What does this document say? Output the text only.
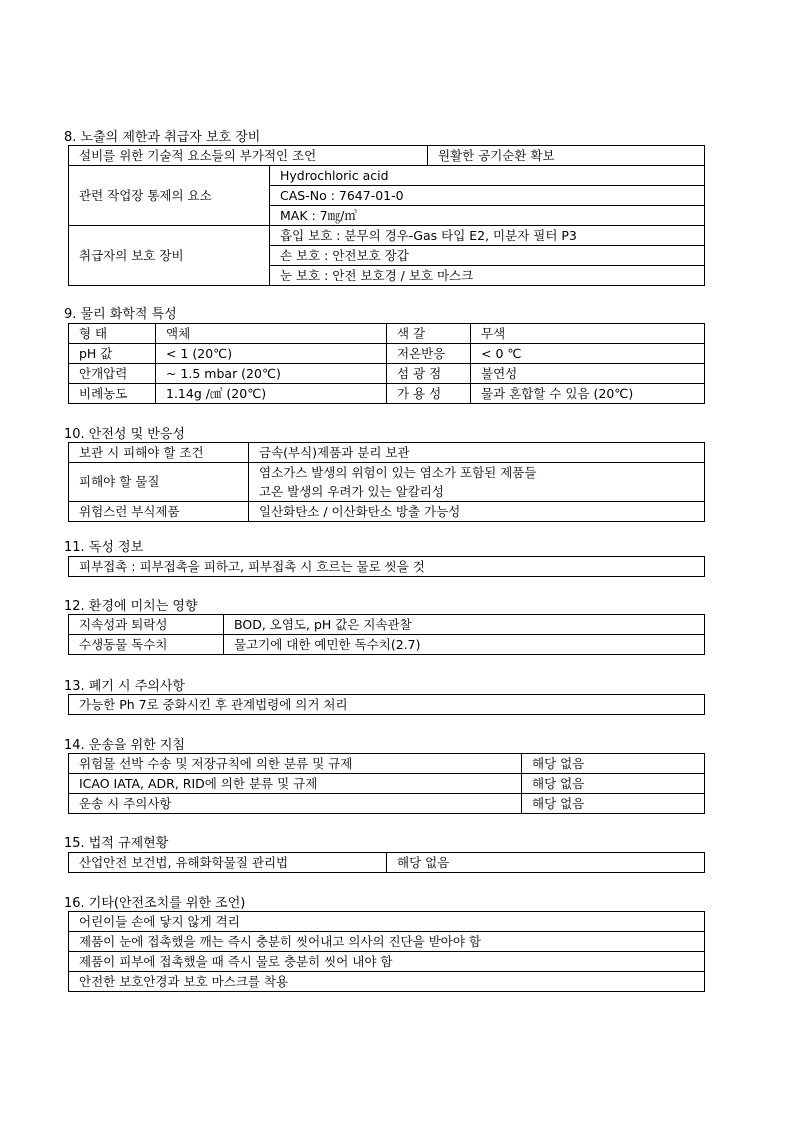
8. 노출의 제한과 취급자 보호 장비
설비를 위한 기술적 요소들의 부가적인 조언		원활한 공기순환 확보
관련 작업장 통제의 요소	Hydrochloric acid	
	CAS-No : 7647-01-0	
	MAK : 7㎎/㎥	
취급자의 보호 장비	흡입 보호 : 분무의 경우-Gas 타입 E2, 미분자 필터 P3	
	손 보호 : 안전보호 장갑	
	눈 보호 : 안전 보호경 / 보호 마스크	
9. 물리 화학적 특성
형 태	액체	색 갈	무색
pH 값	< 1 (20℃)	저온반응	< 0 ℃
안개압력	~ 1.5 mbar (20℃)	섬 광 점	불연성
비례농도	1.14g /㎤ (20℃)	가 용 성	물과 혼합할 수 있음 (20℃)
10. 안전성 및 반응성
보관 시 피해야 할 조건	금속(부식)제품과 분리 보관
피해야 할 물질	염소가스 발생의 위험이 있는 염소가 포함된 제품들
	고온 발생의 우려가 있는 알칼리성
위험스런 부식제품	일산화탄소 / 이산화탄소 방출 가능성
11. 독성 정보
피부접촉 : 피부접촉을 피하고, 피부접촉 시 흐르는 물로 씻을 것
12. 환경에 미치는 영향
지속성과 퇴락성	BOD, 오염도, pH 값은 지속관찰
수생동물 독수치	물고기에 대한 예민한 독수치(2.7)
13. 폐기 시 주의사항
가능한 Ph 7로 중화시킨 후 관계법령에 의거 처리
14. 운송을 위한 지침
위험물 선박 수송 및 저장규칙에 의한 분류 및 규제	해당 없음
ICAO IATA, ADR, RID에 의한 분류 및 규제	해당 없음
운송 시 주의사항	해당 없음
15. 법적 규제현황
산업안전 보건법, 유해화학물질 관리법	해당 없음
16. 기타(안전조치를 위한 조언)
어린이들 손에 닿지 않게 격리
제품이 눈에 접촉했을 깨는 즉시 충분히 씻어내고 의사의 진단을 받아야 함
제품이 피부에 접촉했을 때 즉시 물로 충분히 씻어 내야 함
안전한 보호안경과 보호 마스크를 착용
